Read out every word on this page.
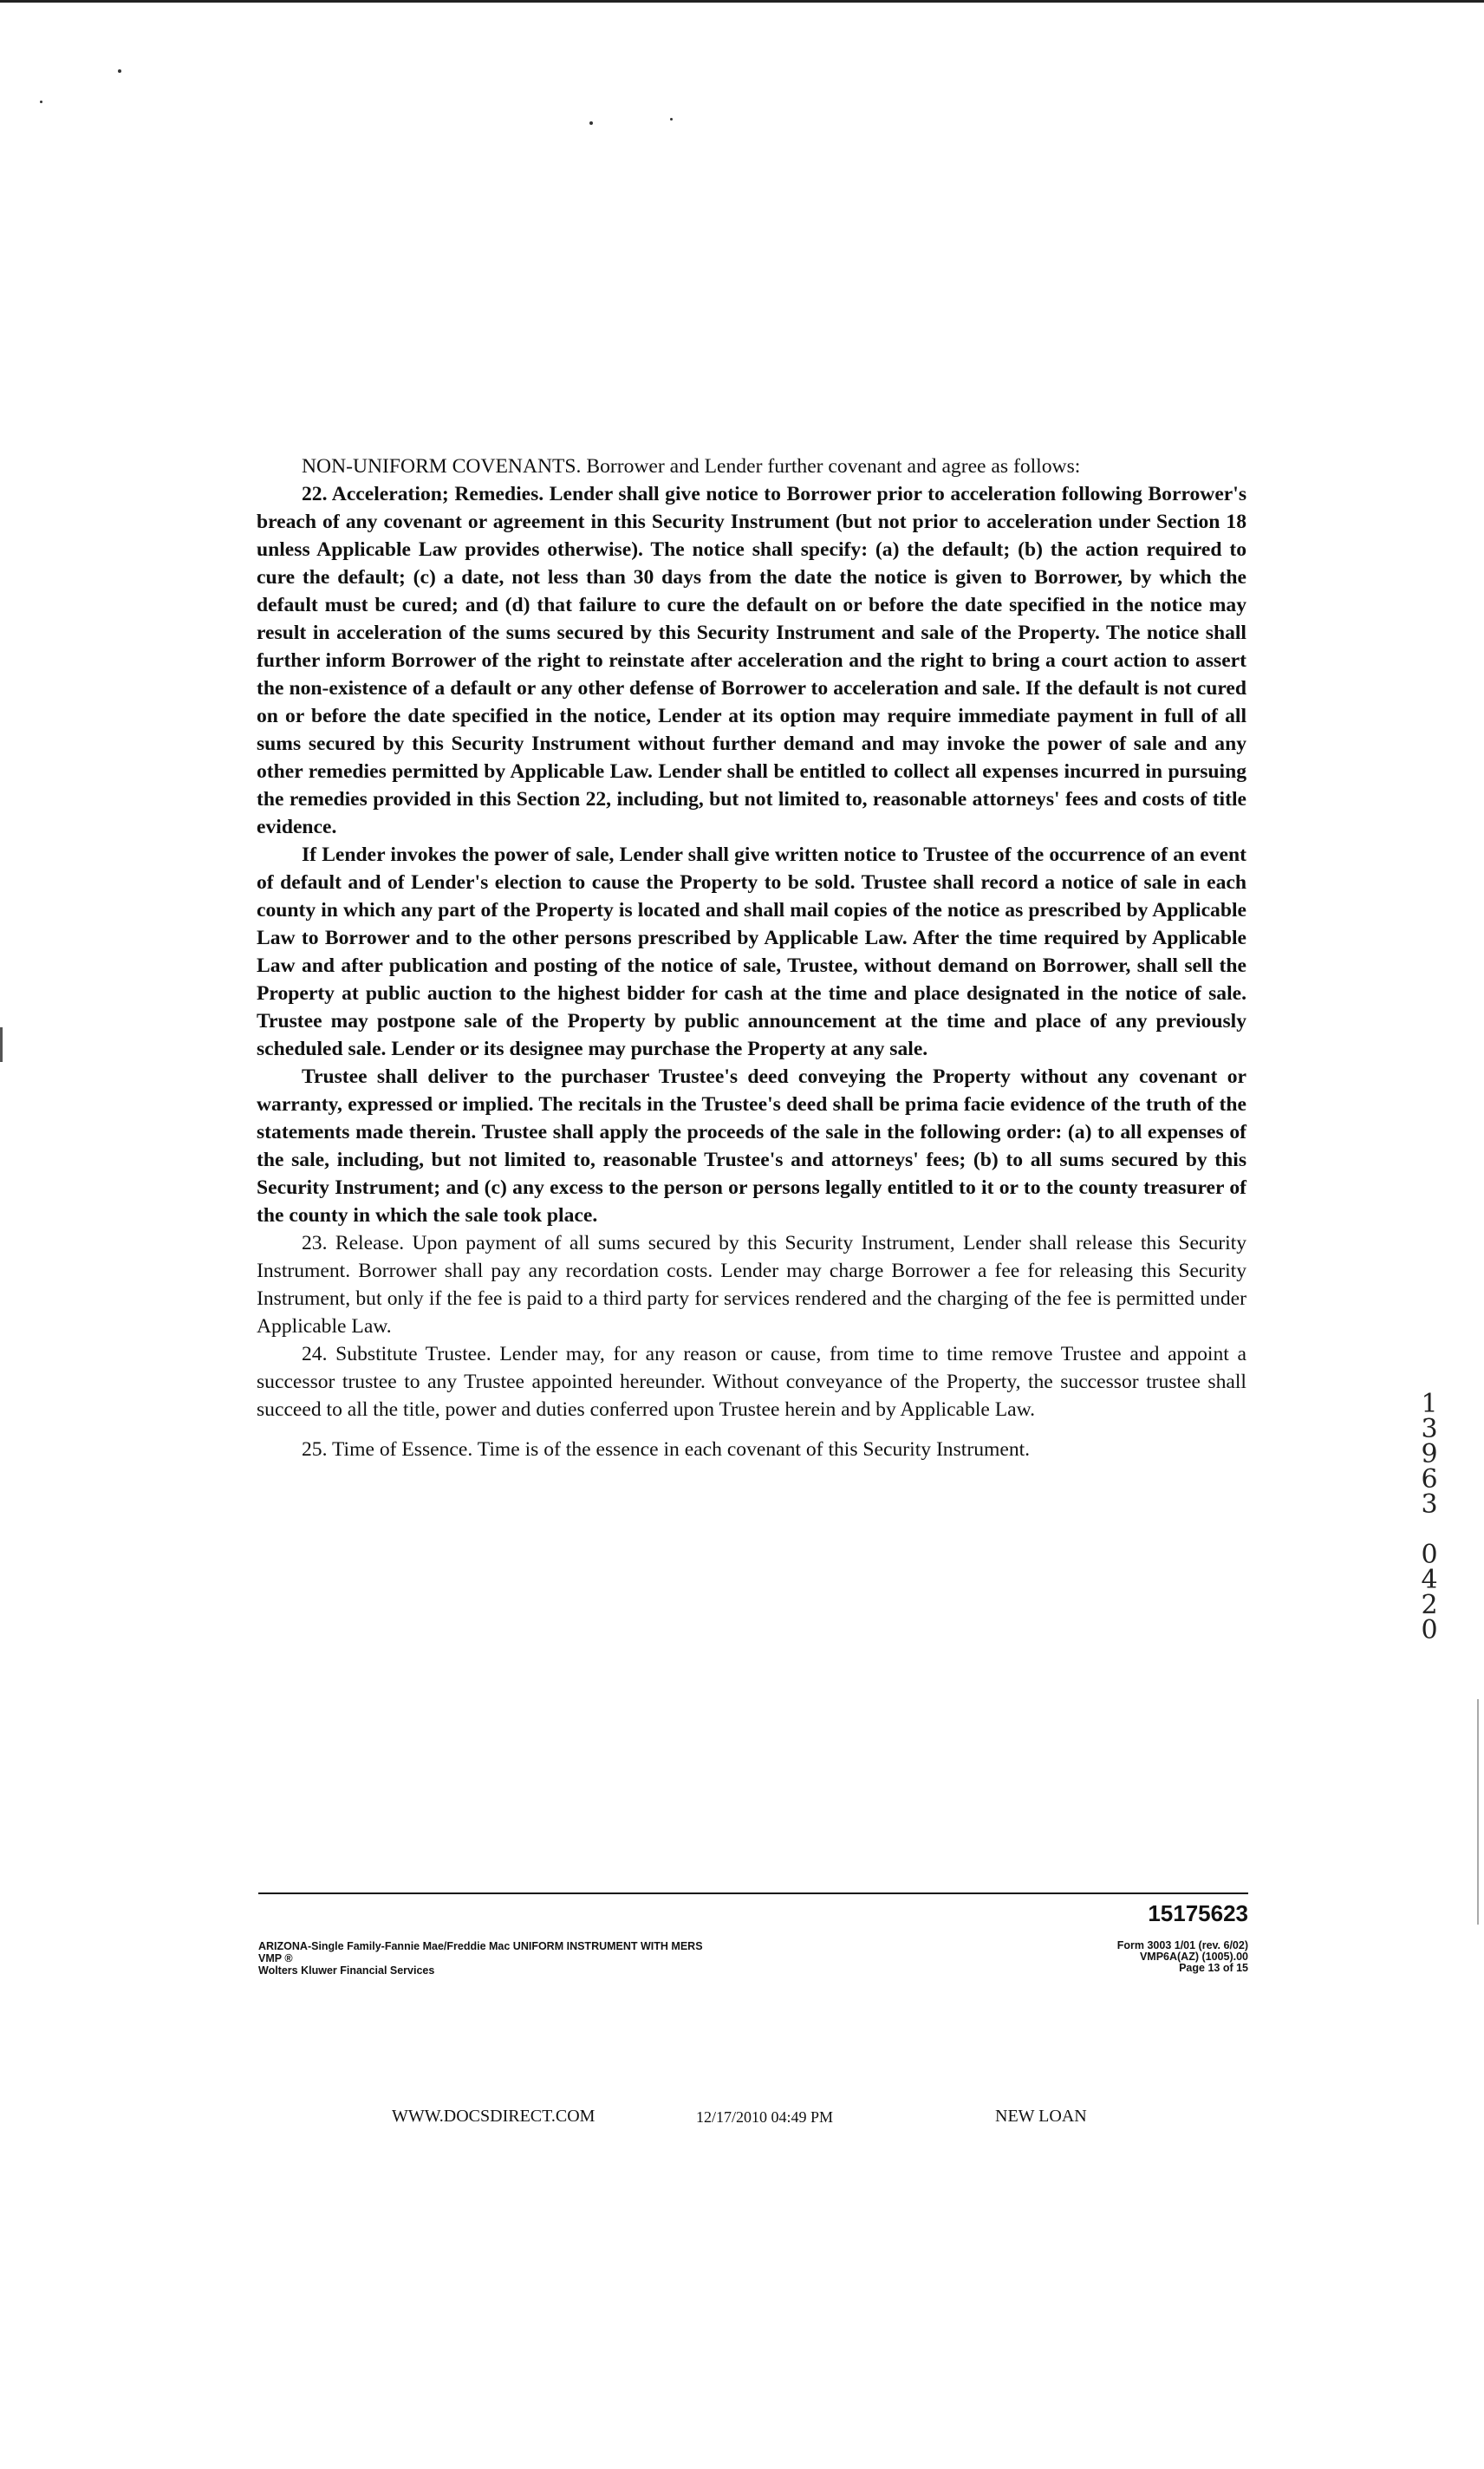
NON-UNIFORM COVENANTS. Borrower and Lender further covenant and agree as follows:

22. Acceleration; Remedies. Lender shall give notice to Borrower prior to acceleration following Borrower's breach of any covenant or agreement in this Security Instrument (but not prior to acceleration under Section 18 unless Applicable Law provides otherwise). The notice shall specify: (a) the default; (b) the action required to cure the default; (c) a date, not less than 30 days from the date the notice is given to Borrower, by which the default must be cured; and (d) that failure to cure the default on or before the date specified in the notice may result in acceleration of the sums secured by this Security Instrument and sale of the Property. The notice shall further inform Borrower of the right to reinstate after acceleration and the right to bring a court action to assert the non-existence of a default or any other defense of Borrower to acceleration and sale. If the default is not cured on or before the date specified in the notice, Lender at its option may require immediate payment in full of all sums secured by this Security Instrument without further demand and may invoke the power of sale and any other remedies permitted by Applicable Law. Lender shall be entitled to collect all expenses incurred in pursuing the remedies provided in this Section 22, including, but not limited to, reasonable attorneys' fees and costs of title evidence.

If Lender invokes the power of sale, Lender shall give written notice to Trustee of the occurrence of an event of default and of Lender's election to cause the Property to be sold. Trustee shall record a notice of sale in each county in which any part of the Property is located and shall mail copies of the notice as prescribed by Applicable Law to Borrower and to the other persons prescribed by Applicable Law. After the time required by Applicable Law and after publication and posting of the notice of sale, Trustee, without demand on Borrower, shall sell the Property at public auction to the highest bidder for cash at the time and place designated in the notice of sale. Trustee may postpone sale of the Property by public announcement at the time and place of any previously scheduled sale. Lender or its designee may purchase the Property at any sale.

Trustee shall deliver to the purchaser Trustee's deed conveying the Property without any covenant or warranty, expressed or implied. The recitals in the Trustee's deed shall be prima facie evidence of the truth of the statements made therein. Trustee shall apply the proceeds of the sale in the following order: (a) to all expenses of the sale, including, but not limited to, reasonable Trustee's and attorneys' fees; (b) to all sums secured by this Security Instrument; and (c) any excess to the person or persons legally entitled to it or to the county treasurer of the county in which the sale took place.

23. Release. Upon payment of all sums secured by this Security Instrument, Lender shall release this Security Instrument. Borrower shall pay any recordation costs. Lender may charge Borrower a fee for releasing this Security Instrument, but only if the fee is paid to a third party for services rendered and the charging of the fee is permitted under Applicable Law.

24. Substitute Trustee. Lender may, for any reason or cause, from time to time remove Trustee and appoint a successor trustee to any Trustee appointed hereunder. Without conveyance of the Property, the successor trustee shall succeed to all the title, power and duties conferred upon Trustee herein and by Applicable Law.

25. Time of Essence. Time is of the essence in each covenant of this Security Instrument.

1
3
9
6
3

0
4
2
0
15175623
ARIZONA-Single Family-Fannie Mae/Freddie Mac UNIFORM INSTRUMENT WITH MERS
VMP ®
Wolters Kluwer Financial Services
Form 3003 1/01 (rev. 6/02)
VMP6A(AZ) (1005).00
Page 13 of 15
WWW.DOCSDIRECT.COM	12/17/2010 04:49 PM	NEW LOAN
